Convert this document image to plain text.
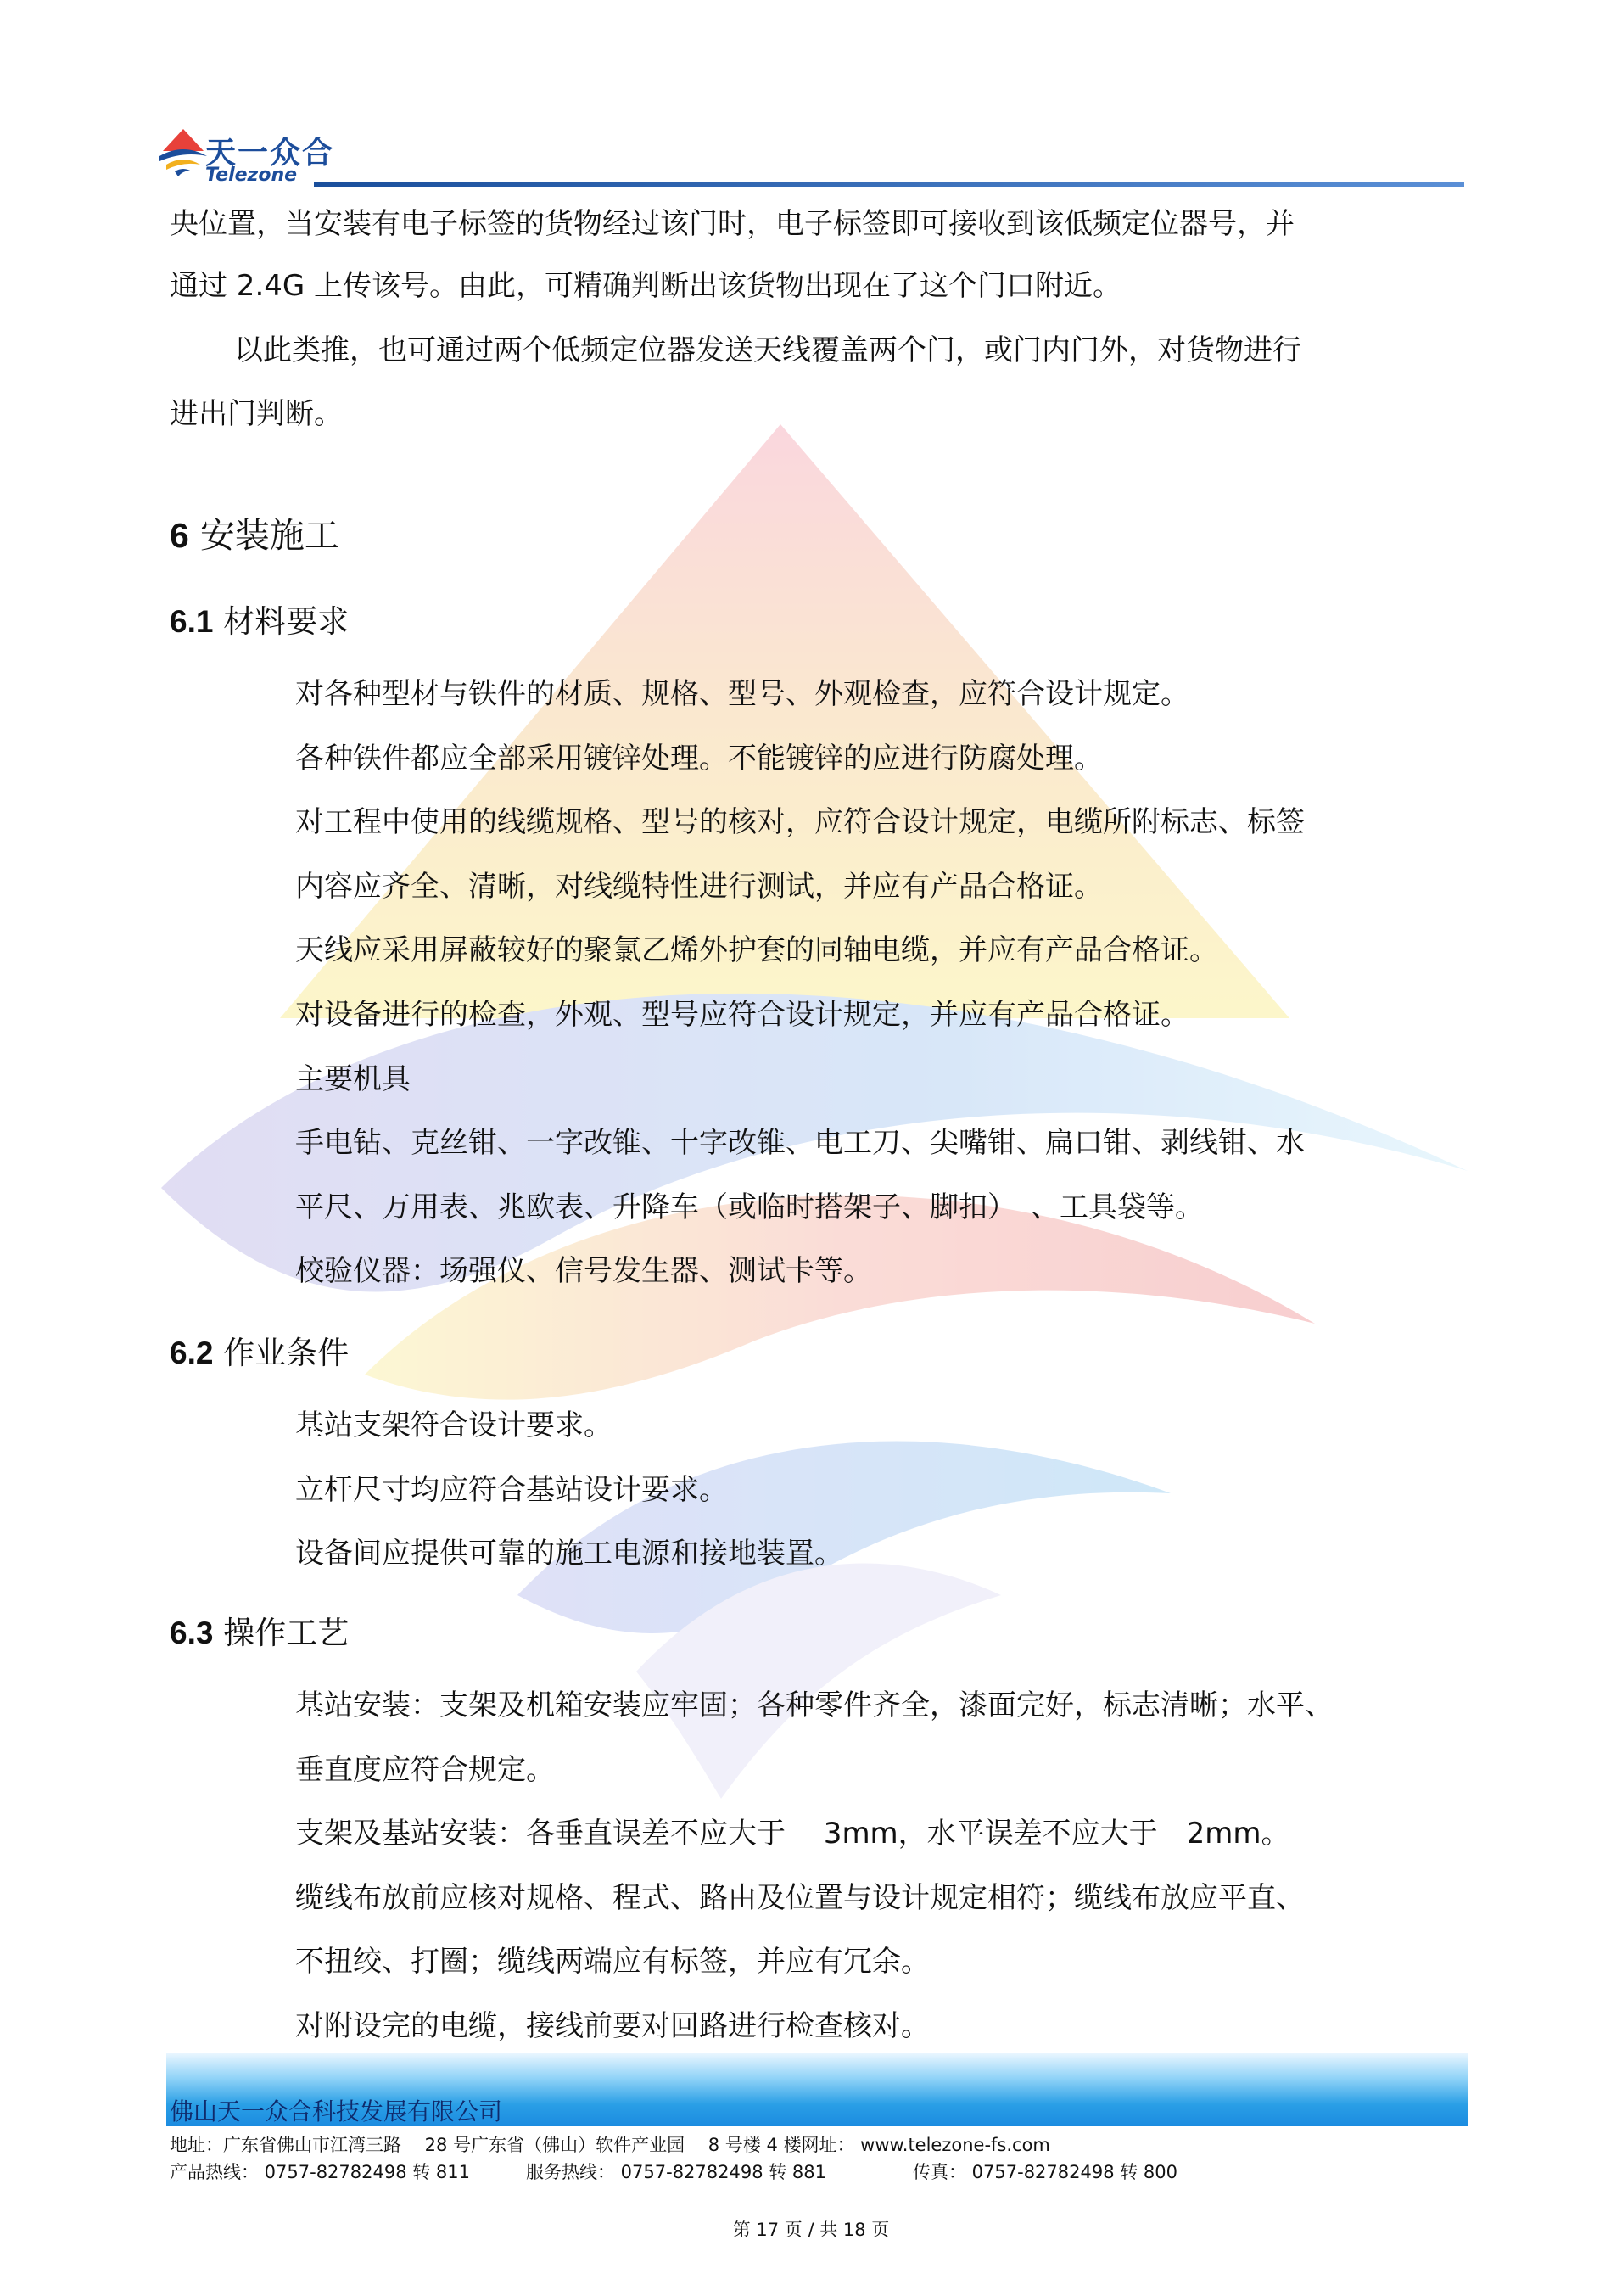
天一众合
Telezone
央位置，当安装有电子标签的货物经过该门时，电子标签即可接收到该低频定位器号，并
通过 2.4G 上传该号。由此，可精确判断出该货物出现在了这个门口附近。
以此类推，也可通过两个低频定位器发送天线覆盖两个门，或门内门外，对货物进行
进出门判断。
6 安装施工
6.1 材料要求
对各种型材与铁件的材质、规格、型号、外观检查，应符合设计规定。
各种铁件都应全部采用镀锌处理。不能镀锌的应进行防腐处理。
对工程中使用的线缆规格、型号的核对，应符合设计规定，电缆所附标志、标签
内容应齐全、清晰，对线缆特性进行测试，并应有产品合格证。
天线应采用屏蔽较好的聚氯乙烯外护套的同轴电缆，并应有产品合格证。
对设备进行的检查，外观、型号应符合设计规定，并应有产品合格证。
主要机具
手电钻、克丝钳、一字改锥、十字改锥、电工刀、尖嘴钳、扁口钳、剥线钳、水
平尺、万用表、兆欧表、升降车（或临时搭架子、脚扣）　、工具袋等。
校验仪器：场强仪、信号发生器、测试卡等。
6.2 作业条件
基站支架符合设计要求。
立杆尺寸均应符合基站设计要求。
设备间应提供可靠的施工电源和接地装置。
6.3 操作工艺
基站安装：支架及机箱安装应牢固；各种零件齐全，漆面完好，标志清晰；水平、
垂直度应符合规定。
支架及基站安装：各垂直误差不应大于　 3mm，水平误差不应大于　2mm。
缆线布放前应核对规格、程式、路由及位置与设计规定相符；缆线布放应平直、
不扭绞、打圈；缆线两端应有标签，并应有冗余。
对附设完的电缆，接线前要对回路进行检查核对。
佛山天一众合科技发展有限公司
地址：广东省佛山市江湾三路　 28 号广东省（佛山）软件产业园　 8 号楼 4 楼网址： www.telezone-fs.com
产品热线： 0757-82782498 转 811	服务热线： 0757-82782498 转 881	传真： 0757-82782498 转 800
第 17 页 / 共 18 页
